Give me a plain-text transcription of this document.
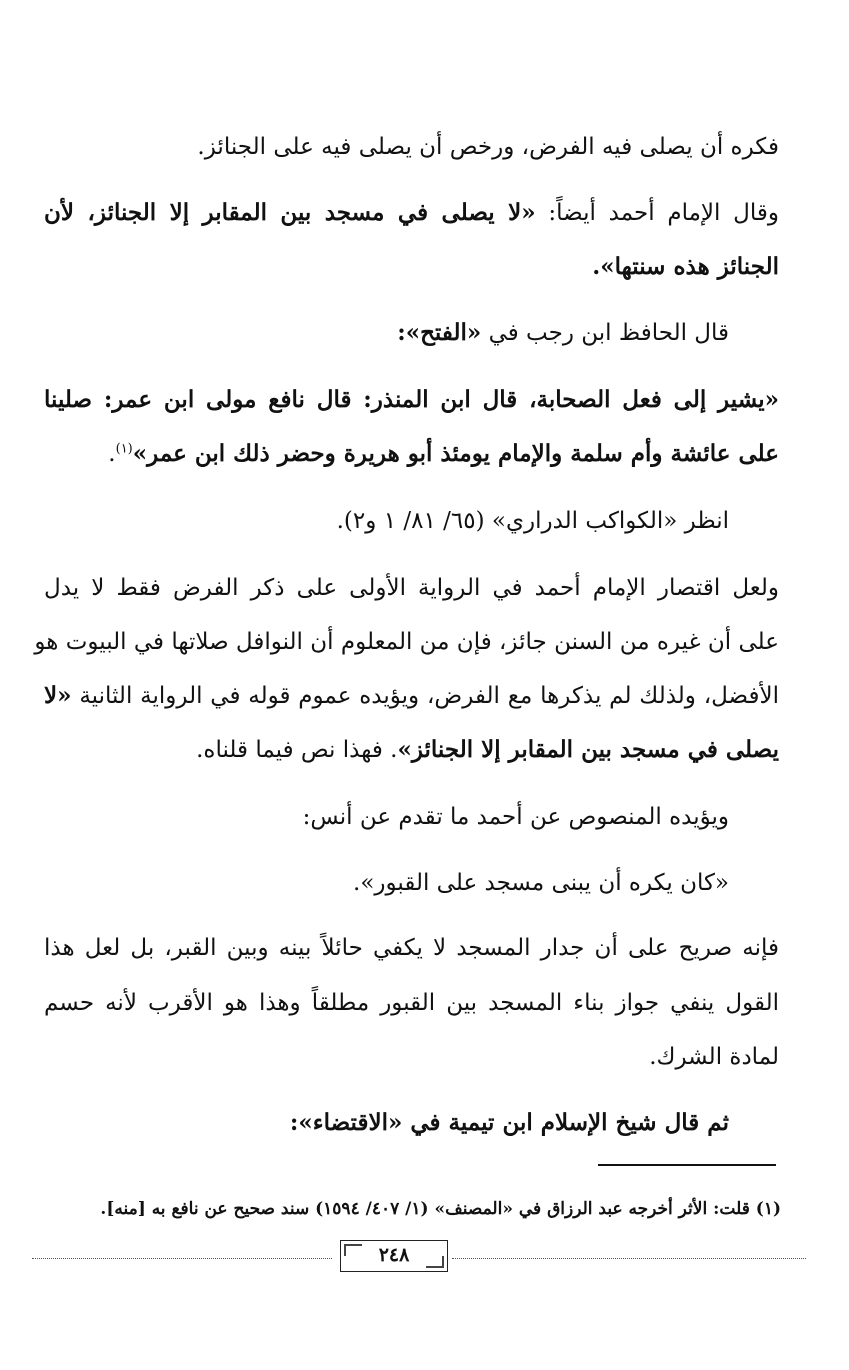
فكره أن يصلى فيه الفرض، ورخص أن يصلى فيه على الجنائز.
وقال الإمام أحمد أيضاً: «لا يصلى في مسجد بين المقابر إلا الجنائز، لأن
الجنائز هذه سنتها».
قال الحافظ ابن رجب في «الفتح»:
«يشير إلى فعل الصحابة، قال ابن المنذر: قال نافع مولى ابن عمر: صلينا
على عائشة وأم سلمة والإمام يومئذ أبو هريرة وحضر ذلك ابن عمر»$^{(١)}$.
انظر «الكواكب الدراري» (٦٥/ ٨١/ ١ و٢).
ولعل اقتصار الإمام أحمد في الرواية الأولى على ذكر الفرض فقط لا يدل
على أن غيره من السنن جائز، فإن من المعلوم أن النوافل صلاتها في البيوت هو
الأفضل، ولذلك لم يذكرها مع الفرض، ويؤيده عموم قوله في الرواية الثانية «لا
يصلى في مسجد بين المقابر إلا الجنائز». فهذا نص فيما قلناه.
ويؤيده المنصوص عن أحمد ما تقدم عن أنس:
«كان يكره أن يبنى مسجد على القبور».
فإنه صريح على أن جدار المسجد لا يكفي حائلاً بينه وبين القبر، بل لعل هذا
القول ينفي جواز بناء المسجد بين القبور مطلقاً وهذا هو الأقرب لأنه حسم
لمادة الشرك.
ثم قال شيخ الإسلام ابن تيمية في «الاقتضاء»:
(١) قلت: الأثر أخرجه عبد الرزاق في «المصنف» (١/ ٤٠٧/ ١٥٩٤) سند صحيح عن نافع به [منه].
٢٤٨
